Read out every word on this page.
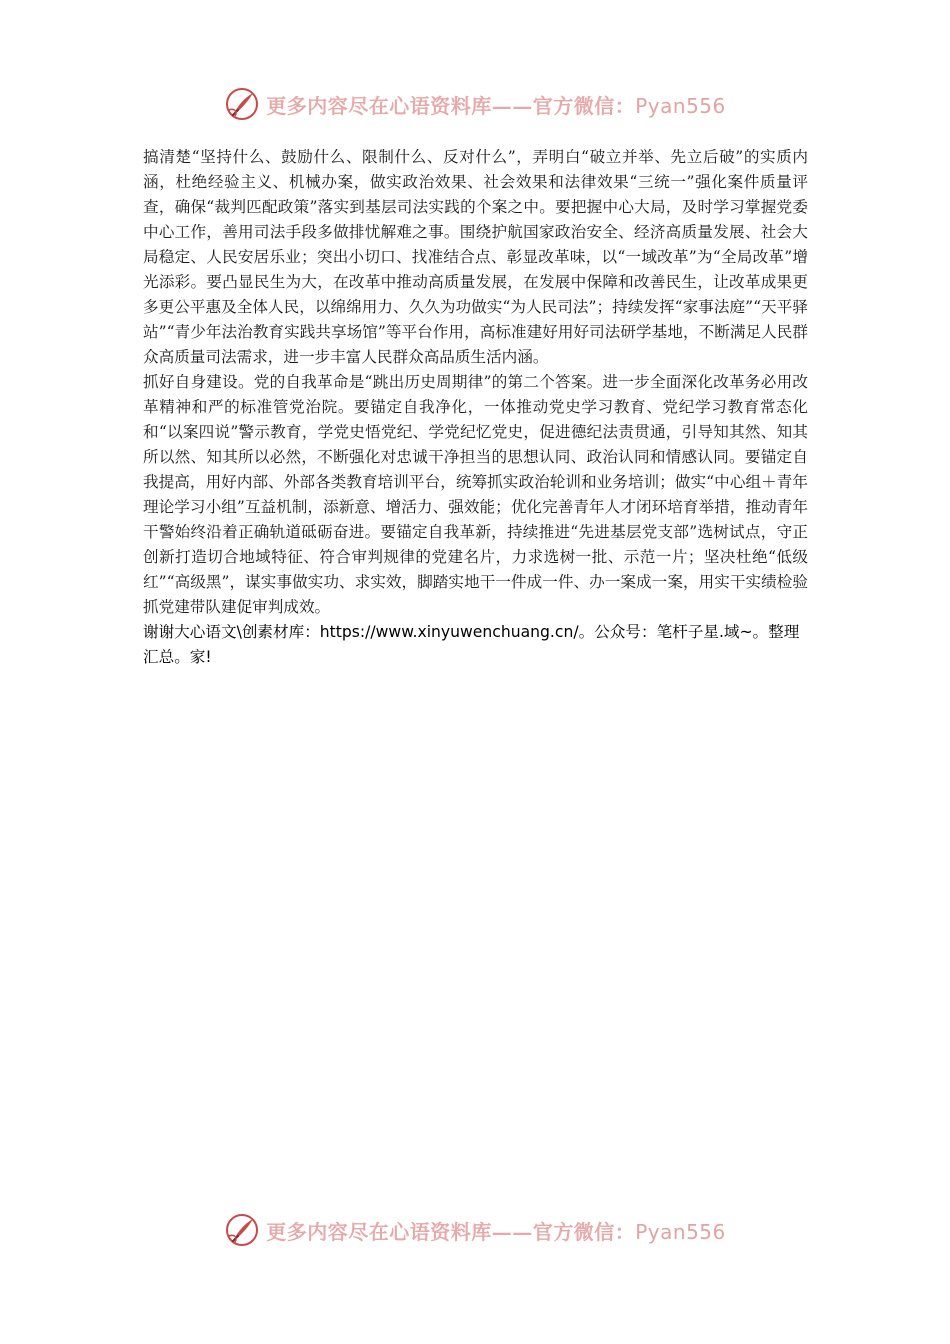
更多内容尽在心语资料库——官方微信：Pyan556

搞清楚“坚持什么、鼓励什么、限制什么、反对什么”，弄明白“破立并举、先立后破”的实质内涵，杜绝经验主义、机械办案，做实政治效果、社会效果和法律效果“三统一”强化案件质量评查，确保“裁判匹配政策”落实到基层司法实践的个案之中。要把握中心大局，及时学习掌握党委中心工作，善用司法手段多做排忧解难之事。围绕护航国家政治安全、经济高质量发展、社会大局稳定、人民安居乐业；突出小切口、找准结合点、彰显改革味，以“一域改革”为“全局改革”增光添彩。要凸显民生为大，在改革中推动高质量发展，在发展中保障和改善民生，让改革成果更多更公平惠及全体人民，以绵绵用力、久久为功做实“为人民司法”；持续发挥“家事法庭”“天平驿站”“青少年法治教育实践共享场馆”等平台作用，高标准建好用好司法研学基地，不断满足人民群众高质量司法需求，进一步丰富人民群众高品质生活内涵。

抓好自身建设。党的自我革命是“跳出历史周期律”的第二个答案。进一步全面深化改革务必用改革精神和严的标准管党治院。要锚定自我净化，一体推动党史学习教育、党纪学习教育常态化和“以案四说”警示教育，学党史悟党纪、学党纪忆党史，促进德纪法责贯通，引导知其然、知其所以然、知其所以必然，不断强化对忠诚干净担当的思想认同、政治认同和情感认同。要锚定自我提高，用好内部、外部各类教育培训平台，统筹抓实政治轮训和业务培训；做实“中心组＋青年理论学习小组”互益机制，添新意、增活力、强效能；优化完善青年人才闭环培育举措，推动青年干警始终沿着正确轨道砥砺奋进。要锚定自我革新，持续推进“先进基层党支部”选树试点，守正创新打造切合地域特征、符合审判规律的党建名片，力求选树一批、示范一片；坚决杜绝“低级红”“高级黑”，谋实事做实功、求实效，脚踏实地干一件成一件、办一案成一案，用实干实绩检验抓党建带队建促审判成效。

谢谢大心语文\创素材库：https://www.xinyuwenchuang.cn/。公众号：笔杆子星.域~。整理汇总。家!

更多内容尽在心语资料库——官方微信：Pyan556
